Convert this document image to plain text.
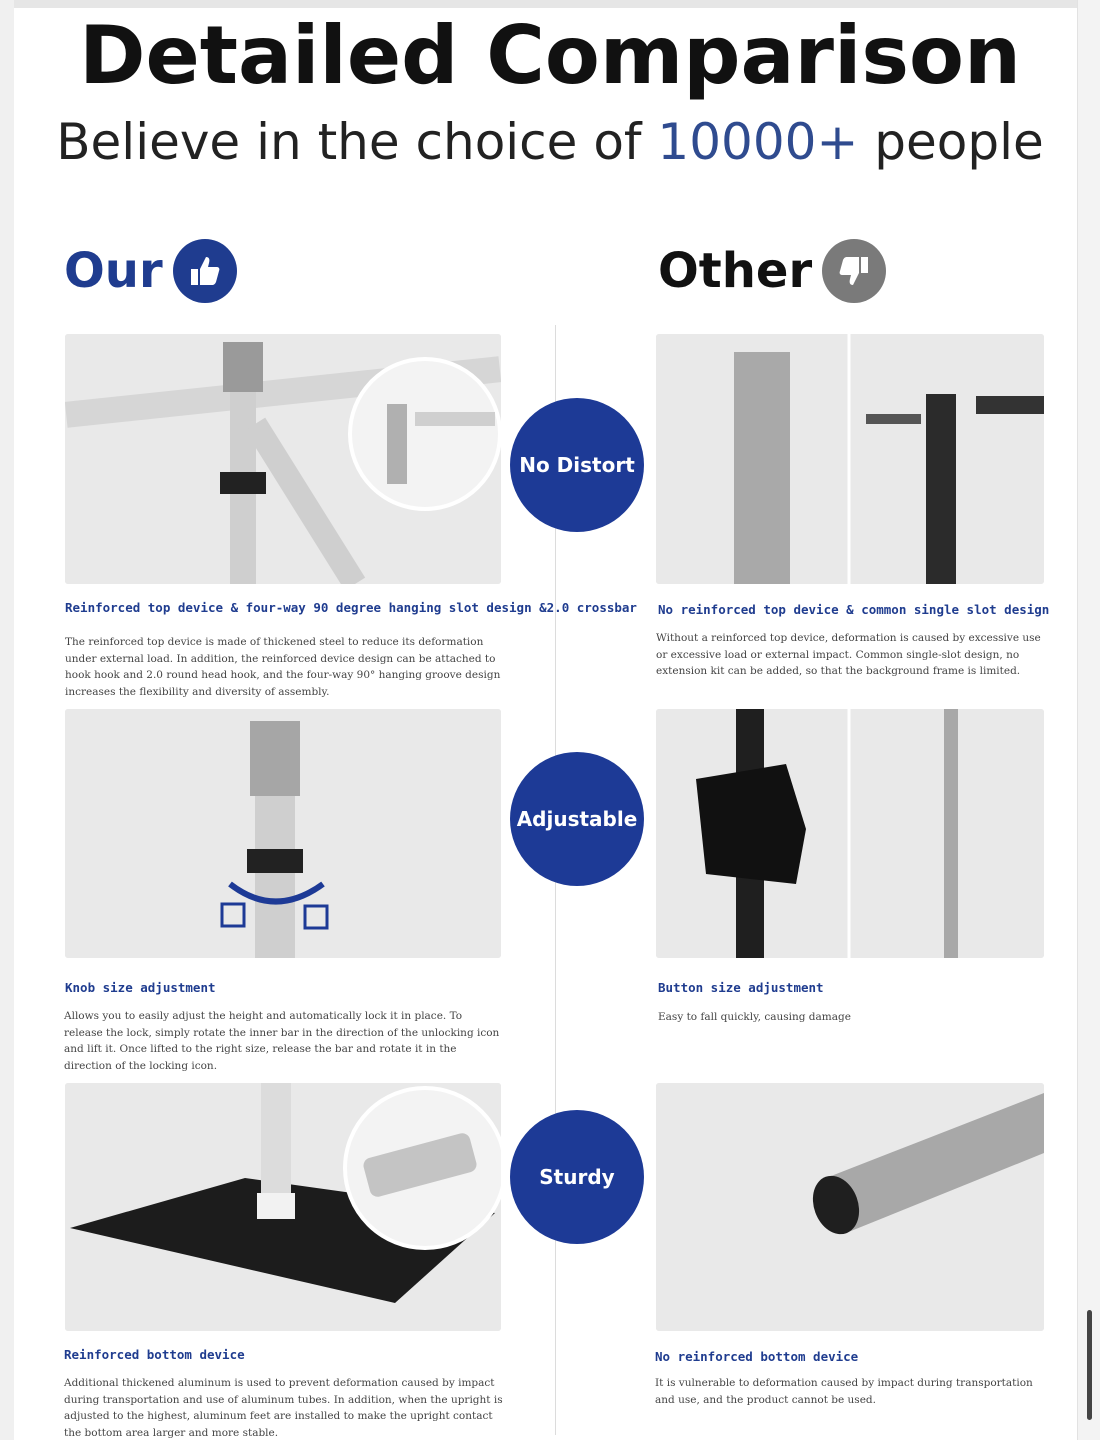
Detailed Comparison
Believe in the choice of 10000+ people
Our	Other
No Distort
Reinforced top device & four-way 90 degree hanging slot design &2.0 crossbar
The reinforced top device is made of thickened steel to reduce its deformation under external load. In addition, the reinforced device design can be attached to hook hook and 2.0 round head hook, and the four-way 90° hanging groove design increases the flexibility and diversity of assembly.
No reinforced top device & common single slot design
Without a reinforced top device, deformation is caused by excessive use or excessive load or external impact. Common single-slot design, no extension kit can be added, so that the background frame is limited.
Adjustable
Knob size adjustment
Allows you to easily adjust the height and automatically lock it in place. To release the lock, simply rotate the inner bar in the direction of the unlocking icon and lift it. Once lifted to the right size, release the bar and rotate it in the direction of the locking icon.
Button size adjustment
Easy to fall quickly, causing damage
Sturdy
Reinforced bottom device
Additional thickened aluminum is used to prevent deformation caused by impact during transportation and use of aluminum tubes. In addition, when the upright is adjusted to the highest, aluminum feet are installed to make the upright contact the bottom area larger and more stable.
No reinforced bottom device
It is vulnerable to deformation caused by impact during transportation and use, and the product cannot be used.
